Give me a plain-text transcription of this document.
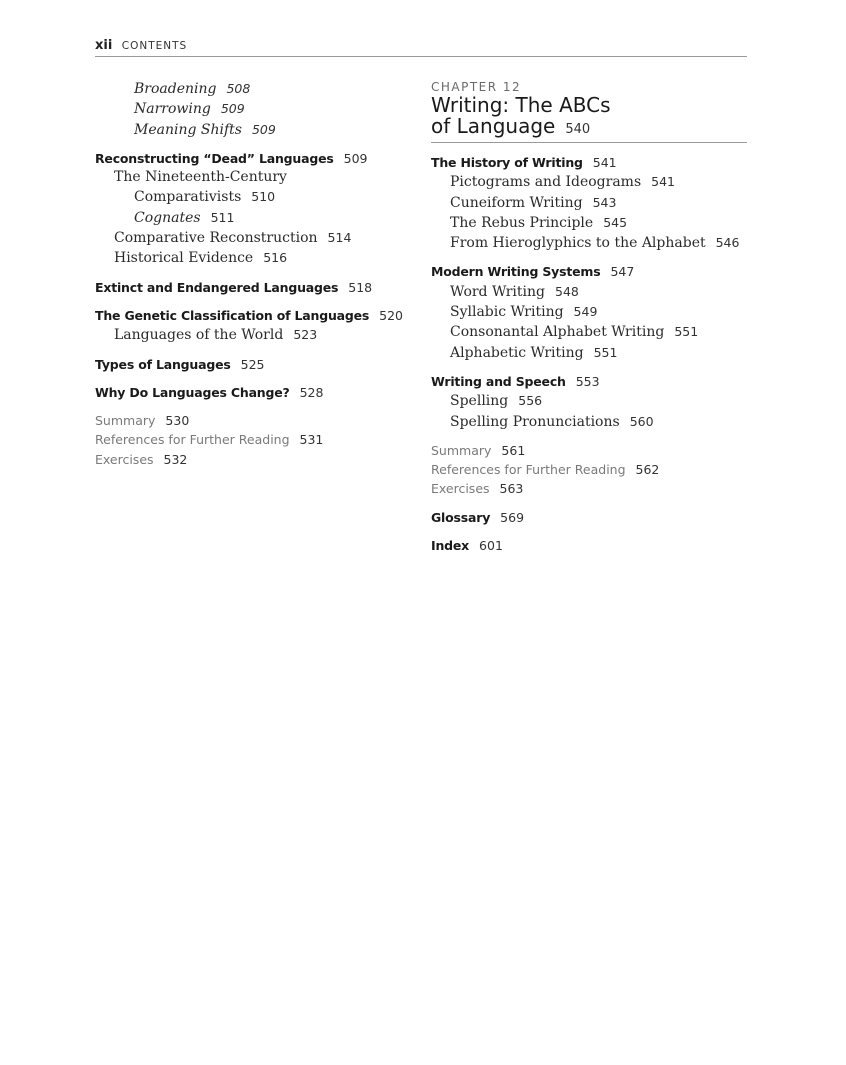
xii CONTENTS
Broadening 508
Narrowing 509
Meaning Shifts 509
Reconstructing “Dead” Languages 509
The Nineteenth-Century
Comparativists 510
Cognates 511
Comparative Reconstruction 514
Historical Evidence 516
Extinct and Endangered Languages 518
The Genetic Classification of Languages 520
Languages of the World 523
Types of Languages 525
Why Do Languages Change? 528
Summary 530
References for Further Reading 531
Exercises 532
CHAPTER 12
Writing: The ABCs
of Language 540
The History of Writing 541
Pictograms and Ideograms 541
Cuneiform Writing 543
The Rebus Principle 545
From Hieroglyphics to the Alphabet 546
Modern Writing Systems 547
Word Writing 548
Syllabic Writing 549
Consonantal Alphabet Writing 551
Alphabetic Writing 551
Writing and Speech 553
Spelling 556
Spelling Pronunciations 560
Summary 561
References for Further Reading 562
Exercises 563
Glossary 569
Index 601
